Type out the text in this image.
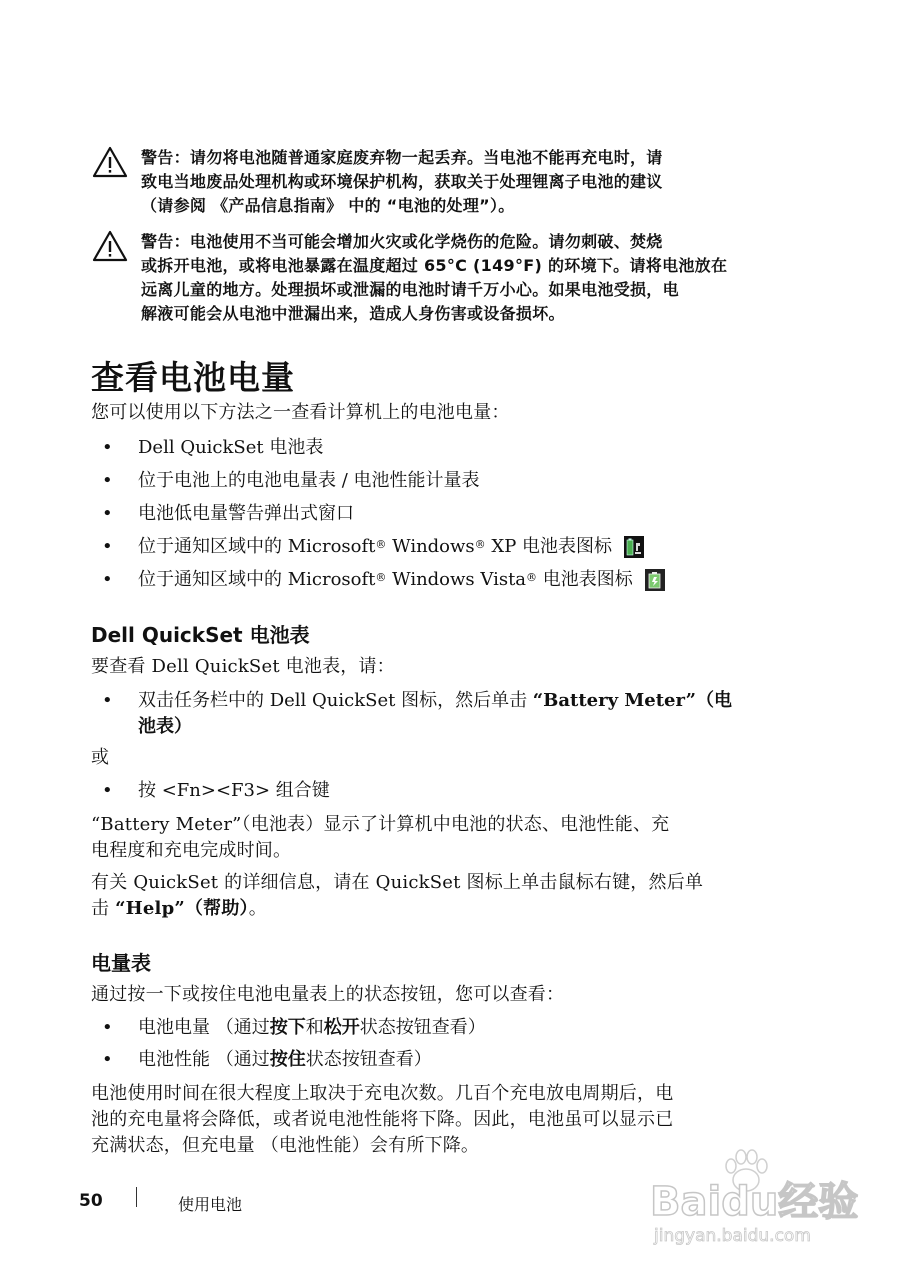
警告：请勿将电池随普通家庭废弃物一起丢弃。当电池不能再充电时，请
致电当地废品处理机构或环境保护机构，获取关于处理锂离子电池的建议
（请参阅 《产品信息指南》 中的 “电池的处理”）。
警告：电池使用不当可能会增加火灾或化学烧伤的危险。请勿刺破、焚烧
或拆开电池，或将电池暴露在温度超过 65°C (149°F) 的环境下。请将电池放在
远离儿童的地方。处理损坏或泄漏的电池时请千万小心。如果电池受损，电
解液可能会从电池中泄漏出来，造成人身伤害或设备损坏。
查看电池电量
您可以使用以下方法之一查看计算机上的电池电量：
• Dell QuickSet 电池表
• 位于电池上的电池电量表 / 电池性能计量表
• 电池低电量警告弹出式窗口
• 位于通知区域中的 Microsoft® Windows® XP 电池表图标
• 位于通知区域中的 Microsoft® Windows Vista® 电池表图标
Dell QuickSet 电池表
要查看 Dell QuickSet 电池表，请：
• 双击任务栏中的 Dell QuickSet 图标，然后单击 “Battery Meter”（电
池表）
或
• 按 <Fn><F3> 组合键
“Battery Meter”（电池表）显示了计算机中电池的状态、电池性能、充
电程度和充电完成时间。
有关 QuickSet 的详细信息，请在 QuickSet 图标上单击鼠标右键，然后单
击 “Help”（帮助）。
电量表
通过按一下或按住电池电量表上的状态按钮，您可以查看：
• 电池电量 （通过按下和松开状态按钮查看）
• 电池性能 （通过按住状态按钮查看）
电池使用时间在很大程度上取决于充电次数。几百个充电放电周期后，电
池的充电量将会降低，或者说电池性能将下降。因此，电池虽可以显示已
充满状态，但充电量 （电池性能）会有所下降。
50	使用电池	Baidu经验
jingyan.baidu.com
